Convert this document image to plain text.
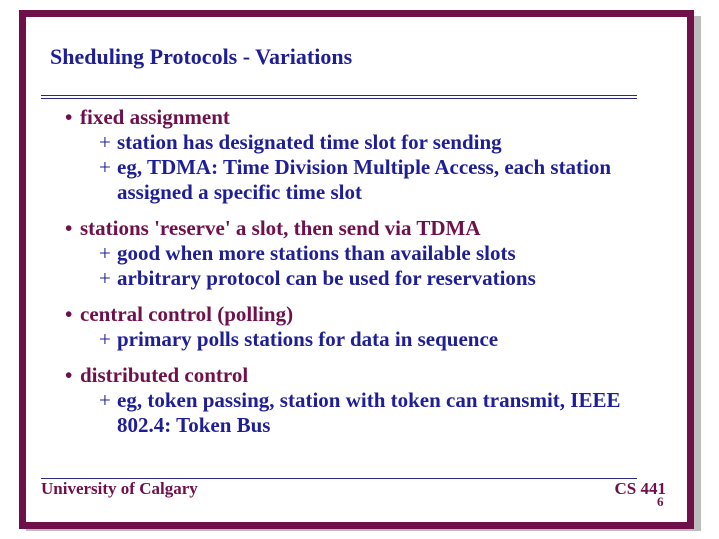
Sheduling Protocols - Variations
• fixed assignment
+ station has designated time slot for sending
+ eg, TDMA: Time Division Multiple Access, each station assigned a specific time slot
• stations 'reserve' a slot, then send via TDMA
+ good when more stations than available slots
+ arbitrary protocol can be used for reservations
• central control (polling)
+ primary polls stations for data in sequence
• distributed control
+ eg, token passing, station with token can transmit, IEEE 802.4: Token Bus
University of Calgary	CS 441
6
